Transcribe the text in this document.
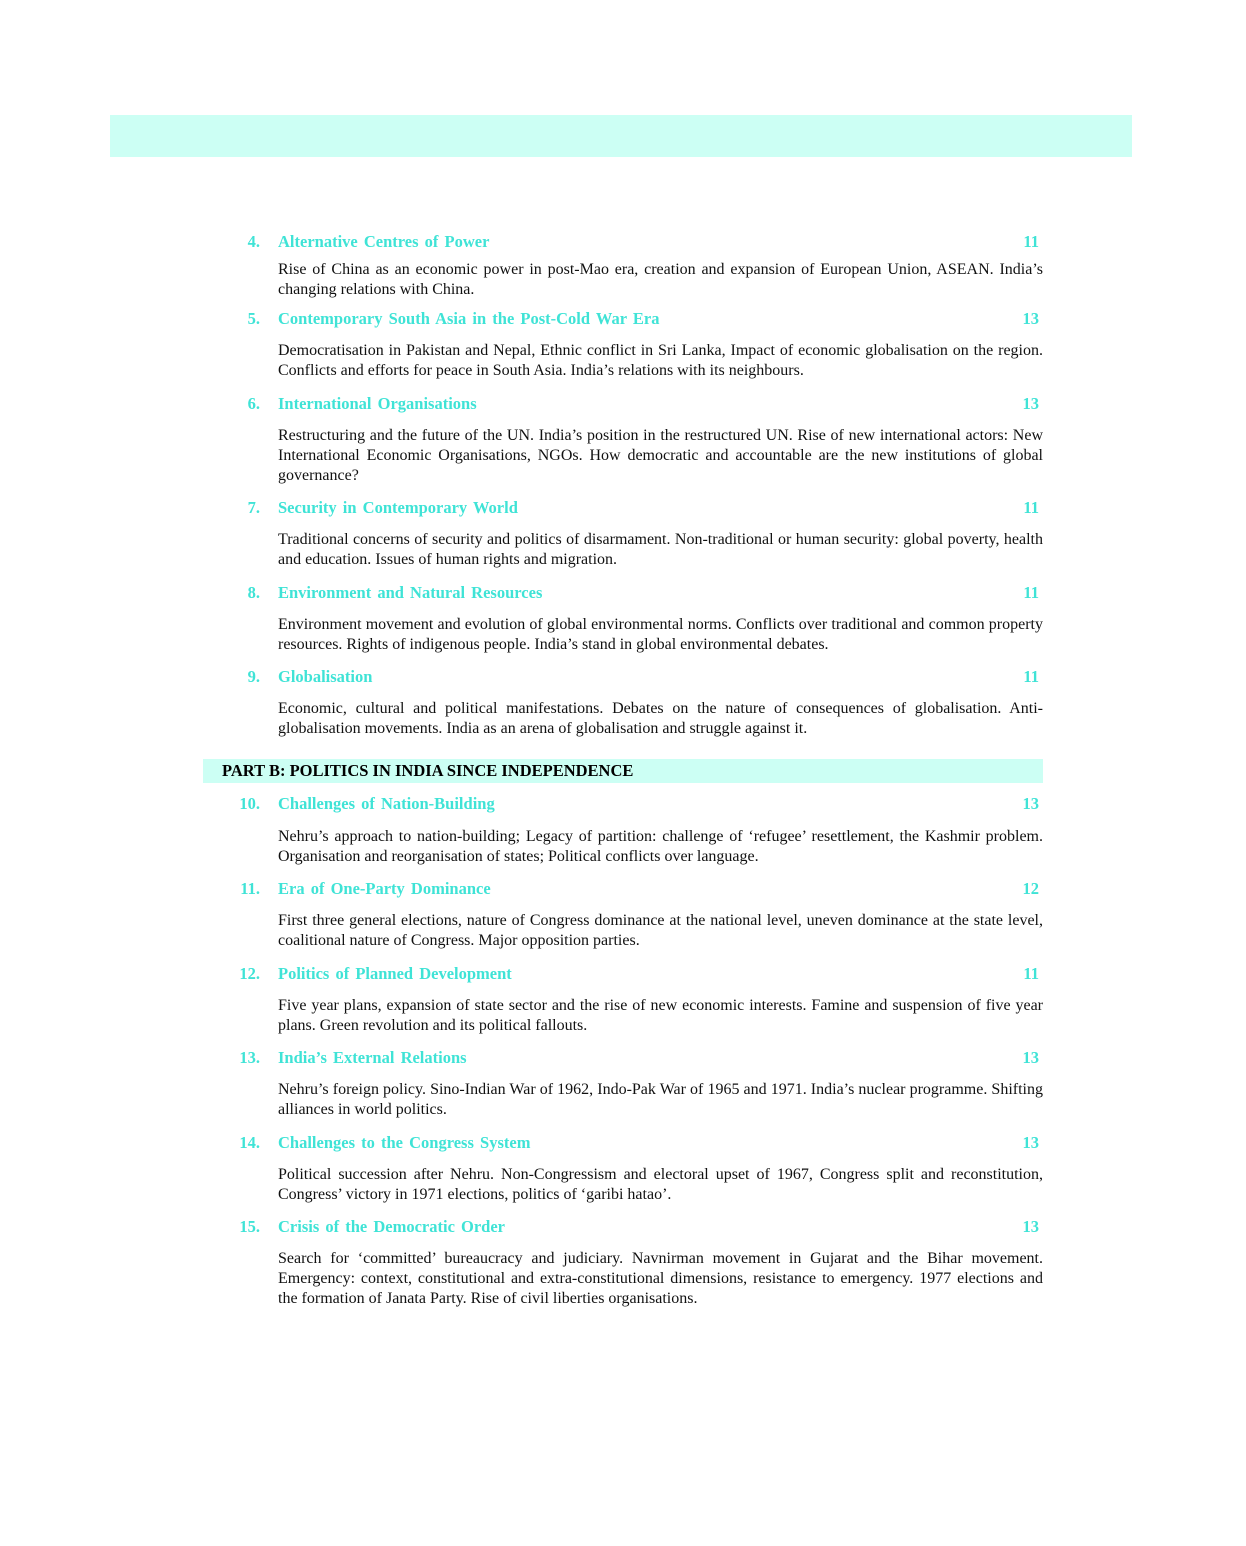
4. Alternative Centres of Power	11
Rise of China as an economic power in post-Mao era, creation and expansion of European Union, ASEAN. India’s changing relations with China.
5. Contemporary South Asia in the Post-Cold War Era	13
Democratisation in Pakistan and Nepal, Ethnic conflict in Sri Lanka, Impact of economic globalisation on the region. Conflicts and efforts for peace in South Asia. India’s relations with its neighbours.
6. International Organisations	13
Restructuring and the future of the UN. India’s position in the restructured UN. Rise of new international actors: New International Economic Organisations, NGOs. How democratic and accountable are the new institutions of global governance?
7. Security in Contemporary World	11
Traditional concerns of security and politics of disarmament. Non-traditional or human security: global poverty, health and education. Issues of human rights and migration.
8. Environment and Natural Resources	11
Environment movement and evolution of global environmental norms. Conflicts over traditional and common property resources. Rights of indigenous people. India’s stand in global environmental debates.
9. Globalisation	11
Economic, cultural and political manifestations. Debates on the nature of consequences of globalisation. Anti-globalisation movements. India as an arena of globalisation and struggle against it.
PART B: POLITICS IN INDIA SINCE INDEPENDENCE
10. Challenges of Nation-Building	13
Nehru’s approach to nation-building; Legacy of partition: challenge of ‘refugee’ resettlement, the Kashmir problem. Organisation and reorganisation of states; Political conflicts over language.
11. Era of One-Party Dominance	12
First three general elections, nature of Congress dominance at the national level, uneven dominance at the state level, coalitional nature of Congress. Major opposition parties.
12. Politics of Planned Development	11
Five year plans, expansion of state sector and the rise of new economic interests. Famine and suspension of five year plans. Green revolution and its political fallouts.
13. India’s External Relations	13
Nehru’s foreign policy. Sino-Indian War of 1962, Indo-Pak War of 1965 and 1971. India’s nuclear programme. Shifting alliances in world politics.
14. Challenges to the Congress System	13
Political succession after Nehru. Non-Congressism and electoral upset of 1967, Congress split and reconstitution, Congress’ victory in 1971 elections, politics of ‘garibi hatao’.
15. Crisis of the Democratic Order	13
Search for ‘committed’ bureaucracy and judiciary. Navnirman movement in Gujarat and the Bihar movement. Emergency: context, constitutional and extra-constitutional dimensions, resistance to emergency. 1977 elections and the formation of Janata Party. Rise of civil liberties organisations.
